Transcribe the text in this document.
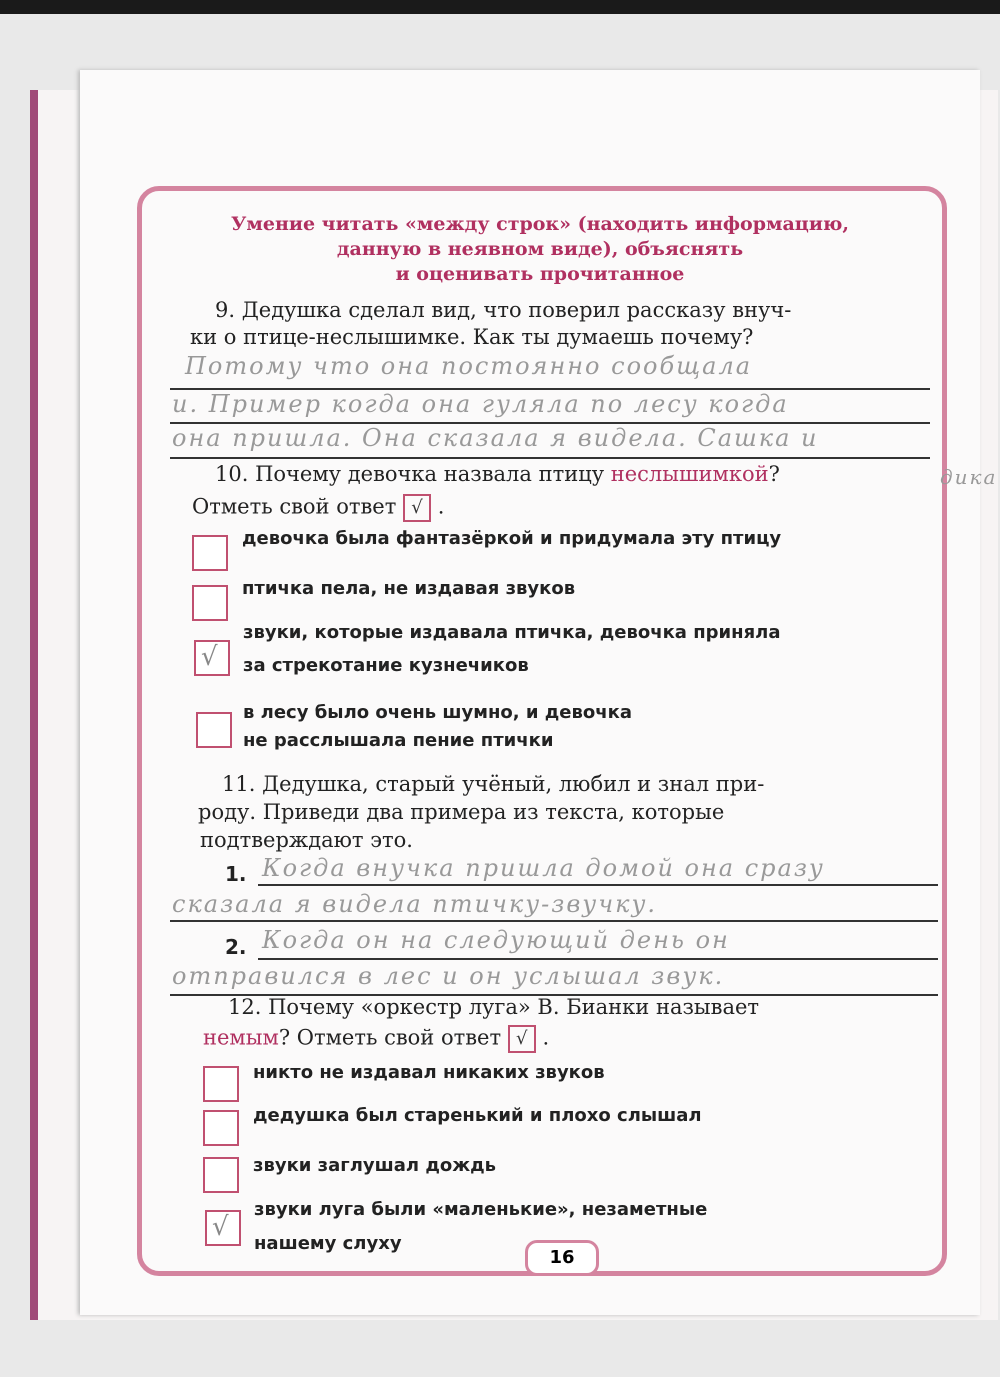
Умение читать «между строк» (находить информацию,
данную в неявном виде), объяснять
и оценивать прочитанное
9. Дедушка сделал вид, что поверил рассказу внуч-
ки о птице-неслышимке. Как ты думаешь почему?
Потому что она постоянно сообщала
и. Пример когда она гуляла по лесу когда
она пришла. Она сказала я видела. Сашка и
дика
10. Почему девочка назвала птицу неслышимкой?
Отметь свой ответ √ .
девочка была фантазёркой и придумала эту птицу
птичка пела, не издавая звуков
√
звуки, которые издавала птичка, девочка приняла
за стрекотание кузнечиков
в лесу было очень шумно, и девочка
не расслышала пение птички
11. Дедушка, старый учёный, любил и знал при-
роду. Приведи два примера из текста, которые
подтверждают это.
1. Когда внучка пришла домой она сразу
сказала я видела птичку-звучку.
2. Когда он на следующий день он
отправился в лес и он услышал звук.
12. Почему «оркестр луга» В. Бианки называет
немым? Отметь свой ответ √ .
никто не издавал никаких звуков
дедушка был старенький и плохо слышал
звуки заглушал дождь
√
звуки луга были «маленькие», незаметные
нашему слуху
16
